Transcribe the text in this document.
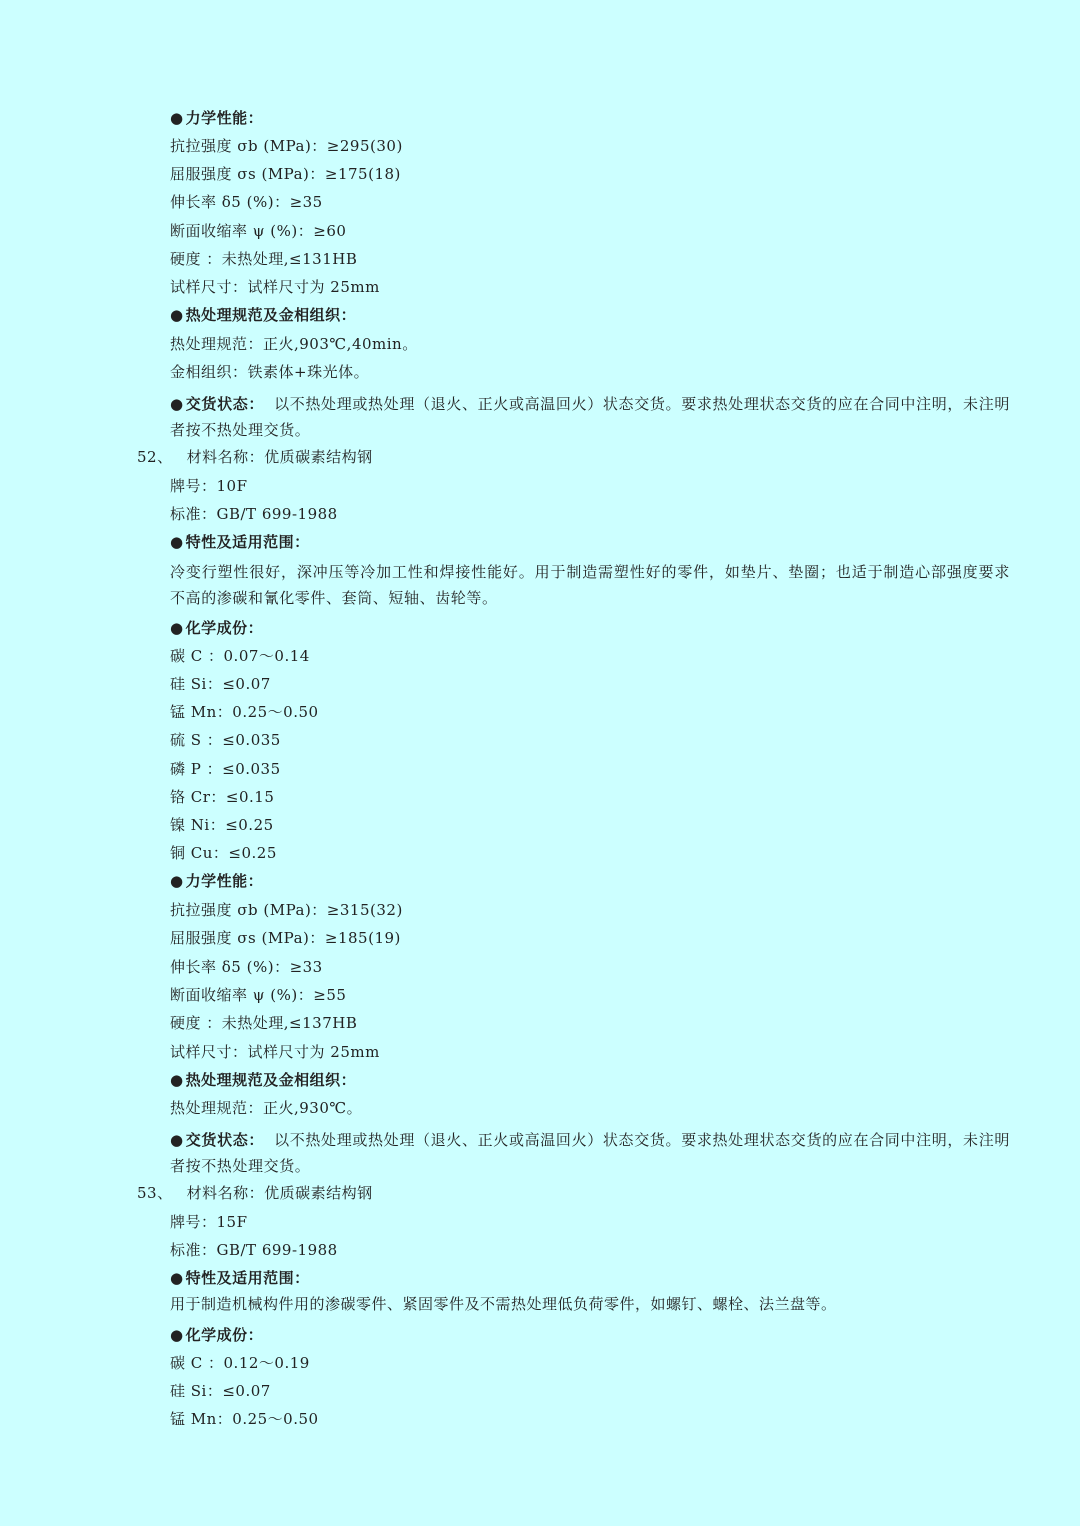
● 力学性能：
抗拉强度 σb (MPa)：≥295(30)
屈服强度 σs (MPa)：≥175(18)
伸长率 δ5 (%)：≥35
断面收缩率 ψ (%)：≥60
硬度 ：未热处理,≤131HB
试样尺寸：试样尺寸为 25mm
● 热处理规范及金相组织：
热处理规范：正火,903℃,40min。
金相组织：铁素体+珠光体。
● 交货状态： 以不热处理或热处理（退火、正火或高温回火）状态交货。要求热处理状态交货的应在合同中注明，未注明者按不热处理交货。
52、 材料名称：优质碳素结构钢
牌号：10F
标准：GB/T 699-1988
● 特性及适用范围：
冷变行塑性很好，深冲压等冷加工性和焊接性能好。用于制造需塑性好的零件，如垫片、垫圈；也适于制造心部强度要求不高的渗碳和氰化零件、套筒、短轴、齿轮等。
● 化学成份：
碳 C ：0.07～0.14
硅 Si：≤0.07
锰 Mn：0.25～0.50
硫 S ：≤0.035
磷 P ：≤0.035
铬 Cr：≤0.15
镍 Ni：≤0.25
铜 Cu：≤0.25
● 力学性能：
抗拉强度 σb (MPa)：≥315(32)
屈服强度 σs (MPa)：≥185(19)
伸长率 δ5 (%)：≥33
断面收缩率 ψ (%)：≥55
硬度 ：未热处理,≤137HB
试样尺寸：试样尺寸为 25mm
● 热处理规范及金相组织：
热处理规范：正火,930℃。
● 交货状态： 以不热处理或热处理（退火、正火或高温回火）状态交货。要求热处理状态交货的应在合同中注明，未注明者按不热处理交货。
53、 材料名称：优质碳素结构钢
牌号：15F
标准：GB/T 699-1988
● 特性及适用范围：
用于制造机械构件用的渗碳零件、紧固零件及不需热处理低负荷零件，如螺钉、螺栓、法兰盘等。
● 化学成份：
碳 C ：0.12～0.19
硅 Si：≤0.07
锰 Mn：0.25～0.50
